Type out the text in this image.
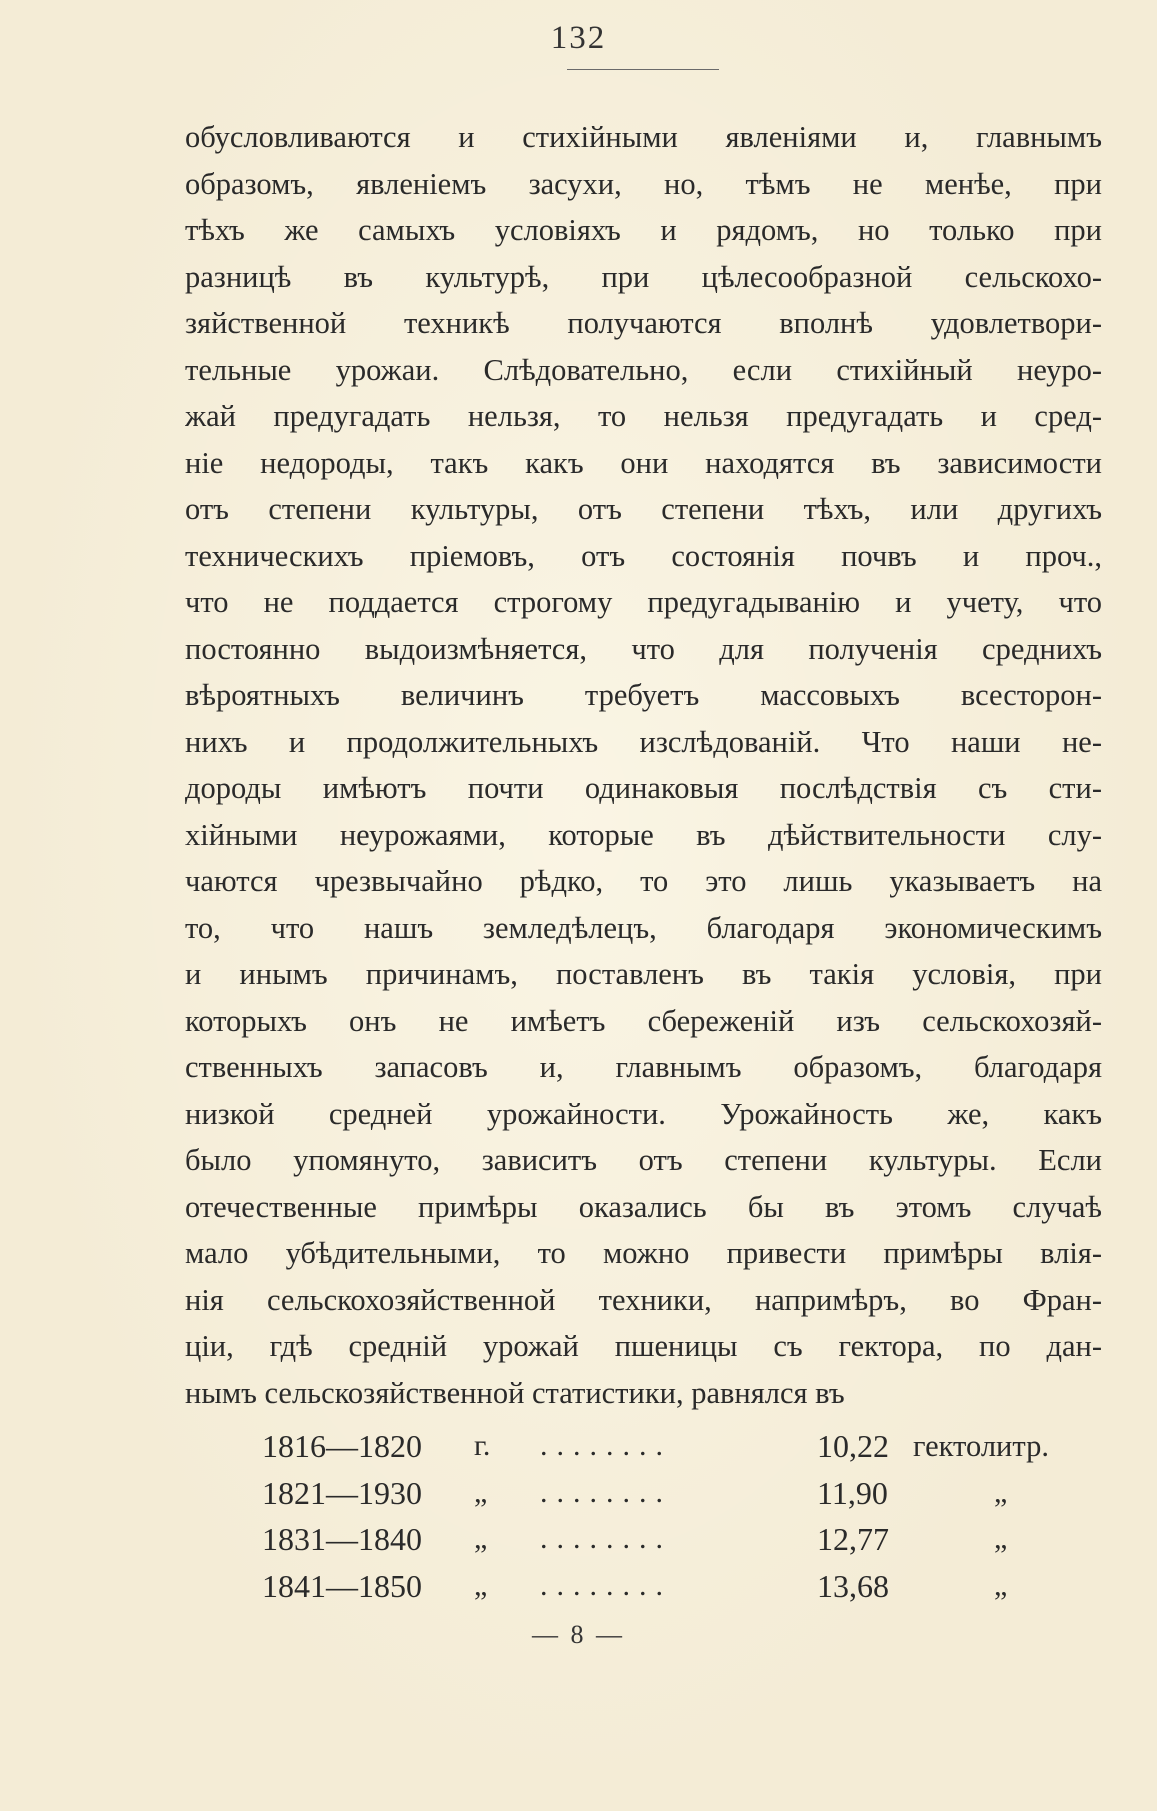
132
обусловливаются и стихійными явленіями и, главнымъ
образомъ, явленіемъ засухи, но, тѣмъ не менѣе, при
тѣхъ же самыхъ условіяхъ и рядомъ, но только при
разницѣ въ культурѣ, при цѣлесообразной сельскохо-
зяйственной техникѣ получаются вполнѣ удовлетвори-
тельные урожаи. Слѣдовательно, если стихійный неуро-
жай предугадать нельзя, то нельзя предугадать и сред-
ніе недороды, такъ какъ они находятся въ зависимости
отъ степени культуры, отъ степени тѣхъ, или другихъ
техническихъ пріемовъ, отъ состоянія почвъ и проч.,
что не поддается строгому предугадыванію и учету, что
постоянно выдоизмѣняется, что для полученія среднихъ
вѣроятныхъ величинъ требуетъ массовыхъ всесторон-
нихъ и продолжительныхъ изслѣдованій. Что наши не-
дороды имѣютъ почти одинаковыя послѣдствія съ сти-
хійными неурожаями, которые въ дѣйствительности слу-
чаются чрезвычайно рѣдко, то это лишь указываетъ на
то, что нашъ земледѣлецъ, благодаря экономическимъ
и инымъ причинамъ, поставленъ въ такія условія, при
которыхъ онъ не имѣетъ сбереженій изъ сельскохозяй-
ственныхъ запасовъ и, главнымъ образомъ, благодаря
низкой средней урожайности. Урожайность же, какъ
было упомянуто, зависитъ отъ степени культуры. Если
отечественные примѣры оказались бы въ этомъ случаѣ
мало убѣдительными, то можно привести примѣры влія-
нія сельскохозяйственной техники, напримѣръ, во Фран-
ціи, гдѣ среднiй урожай пшеницы съ гектора, по дан-
нымъ сельскозяйственной статистики, равнялся въ
1816—1820 г. ........	10,22 гектолитр.
1821—1930 „ ........	11,90	„
1831—1840 „ ........	12,77	„
1841—1850 „ ........	13,68	„
— 8 —
